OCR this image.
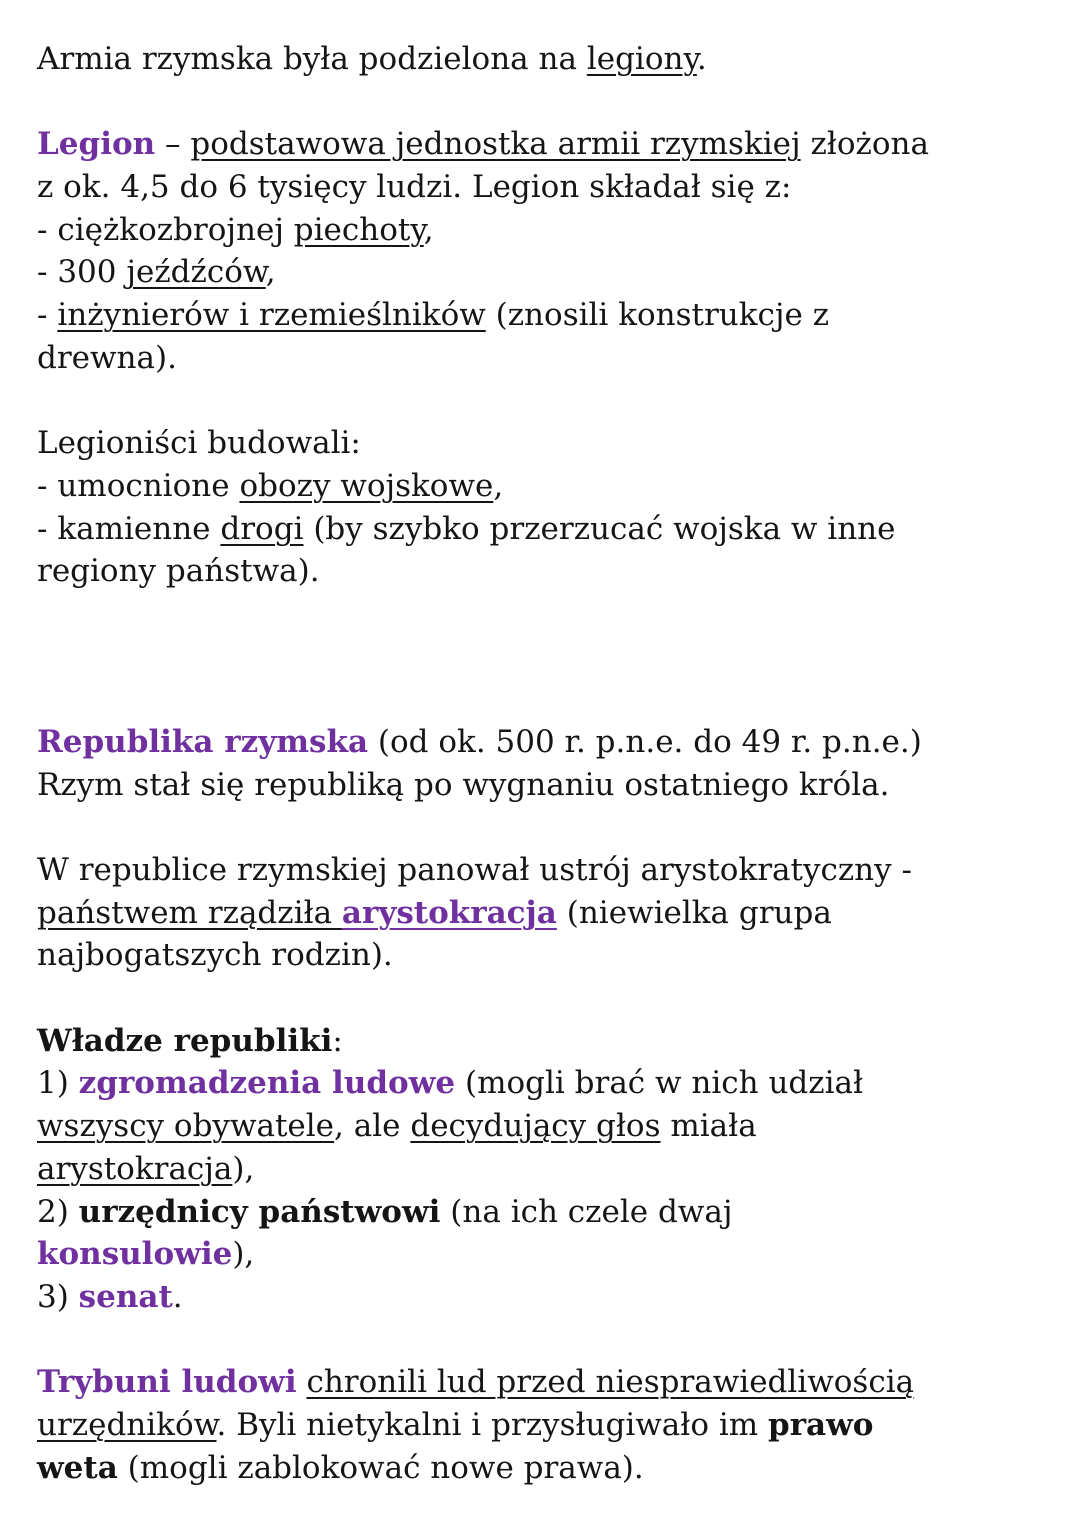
Armia rzymska była podzielona na legiony.
Legion – podstawowa jednostka armii rzymskiej złożona
z ok. 4,5 do 6 tysięcy ludzi. Legion składał się z:
- ciężkozbrojnej piechoty,
- 300 jeźdźców,
- inżynierów i rzemieślników (znosili konstrukcje z
drewna).
Legioniści budowali:
- umocnione obozy wojskowe,
- kamienne drogi (by szybko przerzucać wojska w inne
regiony państwa).
Republika rzymska (od ok. 500 r. p.n.e. do 49 r. p.n.e.)
Rzym stał się republiką po wygnaniu ostatniego króla.
W republice rzymskiej panował ustrój arystokratyczny -
państwem rządziła arystokracja (niewielka grupa
najbogatszych rodzin).
Władze republiki:
1) zgromadzenia ludowe (mogli brać w nich udział
wszyscy obywatele, ale decydujący głos miała
arystokracja),
2) urzędnicy państwowi (na ich czele dwaj
konsulowie),
3) senat.
Trybuni ludowi chronili lud przed niesprawiedliwością
urzędników. Byli nietykalni i przysługiwało im prawo
weta (mogli zablokować nowe prawa).
